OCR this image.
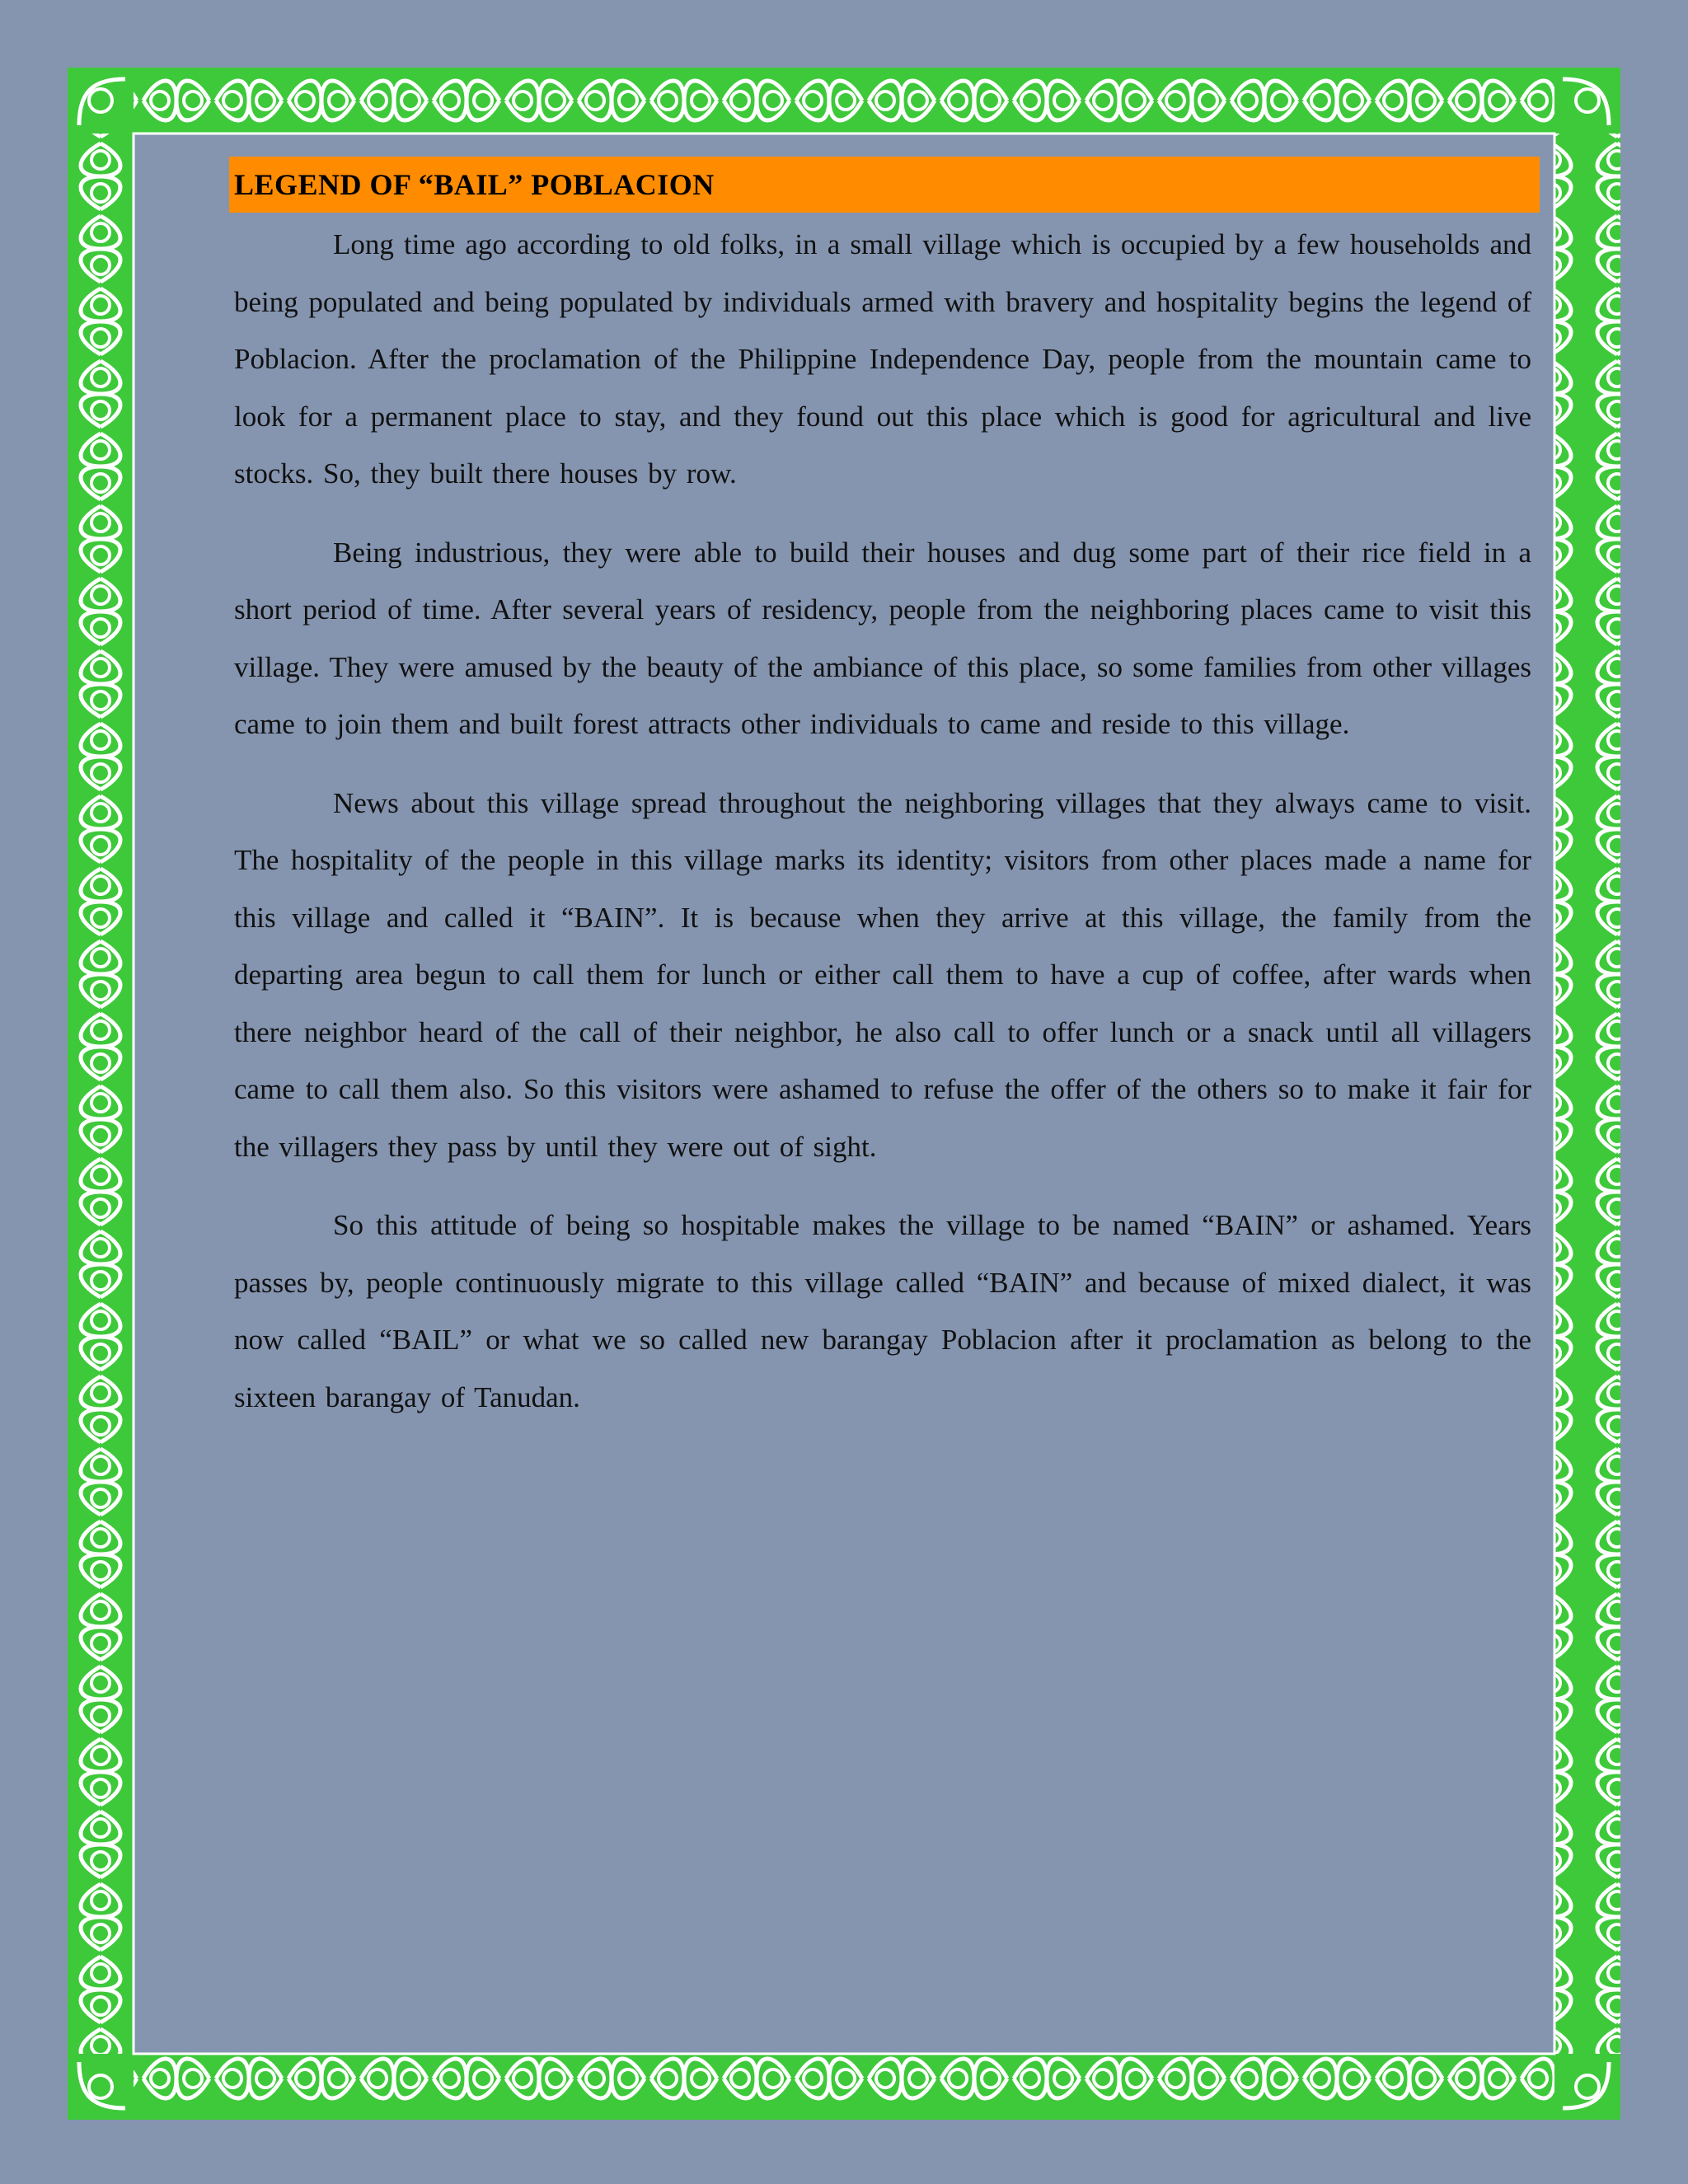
LEGEND OF “BAIL” POBLACION

Long time ago according to old folks, in a small village which is occupied by a few households and being populated and being populated by individuals armed with bravery and hospitality begins the legend of Poblacion. After the proclamation of the Philippine Independence Day, people from the mountain came to look for a permanent place to stay, and they found out this place which is good for agricultural and live stocks. So, they built there houses by row.

Being industrious, they were able to build their houses and dug some part of their rice field in a short period of time. After several years of residency, people from the neighboring places came to visit this village. They were amused by the beauty of the ambiance of this place, so some families from other villages came to join them and built forest attracts other individuals to came and reside to this village.

News about this village spread throughout the neighboring villages that they always came to visit. The hospitality of the people in this village marks its identity; visitors from other places made a name for this village and called it “BAIN”. It is because when they arrive at this village, the family from the departing area begun to call them for lunch or either call them to have a cup of coffee, after wards when there neighbor heard of the call of their neighbor, he also call to offer lunch or a snack until all villagers came to call them also. So this visitors were ashamed to refuse the offer of the others so to make it fair for the villagers they pass by until they were out of sight.

So this attitude of being so hospitable makes the village to be named “BAIN” or ashamed. Years passes by, people continuously migrate to this village called “BAIN” and because of mixed dialect, it was now called “BAIL” or what we so called new barangay Poblacion after it proclamation as belong to the sixteen barangay of Tanudan.
